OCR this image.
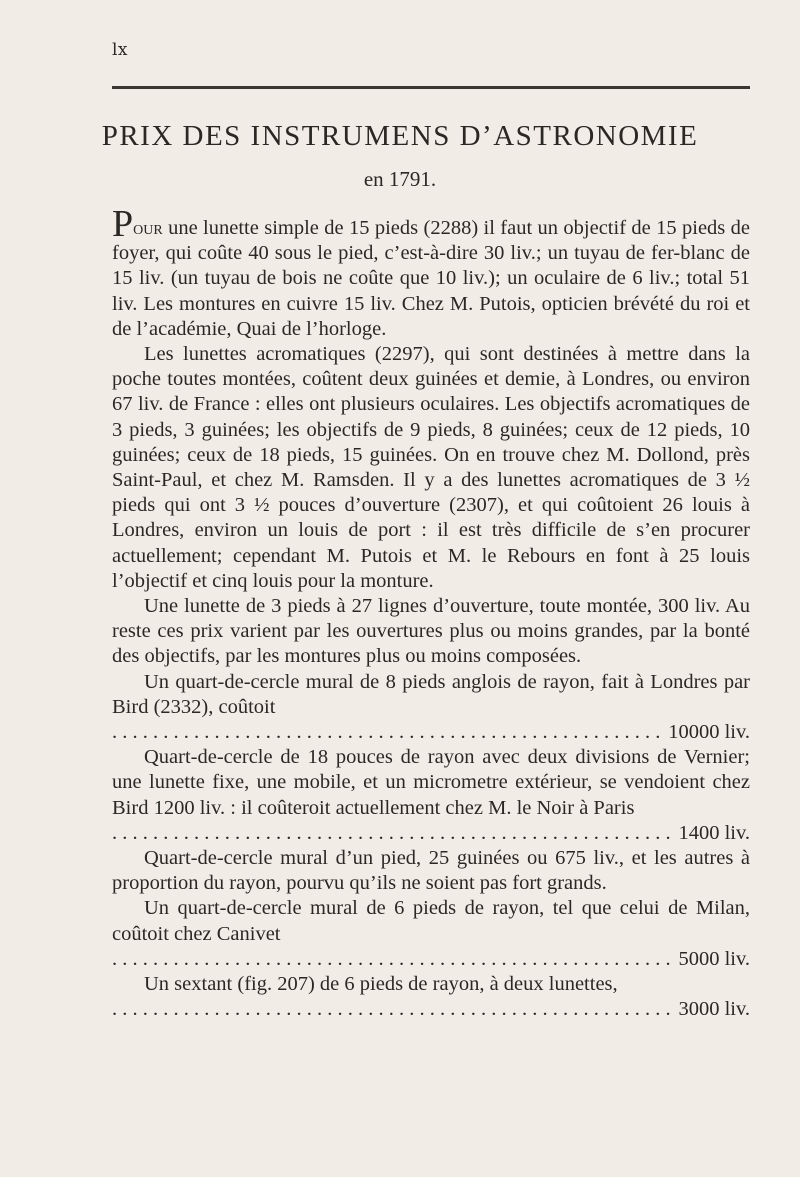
lx
PRIX DES INSTRUMENS D’ASTRONOMIE
en 1791.

Pour une lunette simple de 15 pieds (2288) il faut un objectif de 15 pieds de foyer, qui coûte 40 sous le pied, c’est-à-dire 30 liv.; un tuyau de fer-blanc de 15 liv. (un tuyau de bois ne coûte que 10 liv.); un oculaire de 6 liv.; total 51 liv. Les montures en cuivre 15 liv. Chez M. Putois, opticien brévété du roi et de l’académie, Quai de l’horloge.

Les lunettes acromatiques (2297), qui sont destinées à mettre dans la poche toutes montées, coûtent deux guinées et demie, à Londres, ou environ 67 liv. de France : elles ont plusieurs oculaires. Les objectifs acromatiques de 3 pieds, 3 guinées; les objectifs de 9 pieds, 8 guinées; ceux de 12 pieds, 10 guinées; ceux de 18 pieds, 15 guinées. On en trouve chez M. Dollond, près Saint-Paul, et chez M. Ramsden. Il y a des lunettes acromatiques de 3 ½ pieds qui ont 3 ½ pouces d’ouverture (2307), et qui coûtoient 26 louis à Londres, environ un louis de port : il est très difficile de s’en procurer actuellement; cependant M. Putois et M. le Rebours en font à 25 louis l’objectif et cinq louis pour la monture.

Une lunette de 3 pieds à 27 lignes d’ouverture, toute montée, 300 liv. Au reste ces prix varient par les ouvertures plus ou moins grandes, par la bonté des objectifs, par les montures plus ou moins composées.

Un quart-de-cercle mural de 8 pieds anglois de rayon, fait à Londres par Bird (2332), coûtoit

. . .
10000 liv.

Quart-de-cercle de 18 pouces de rayon avec deux divisions de Vernier; une lunette fixe, une mobile, et un micrometre extérieur, se vendoient chez Bird 1200 liv. : il coûteroit actuellement chez M. le Noir à Paris

. . .
1400 liv.

Quart-de-cercle mural d’un pied, 25 guinées ou 675 liv., et les autres à proportion du rayon, pourvu qu’ils ne soient pas fort grands.

Un quart-de-cercle mural de 6 pieds de rayon, tel que celui de Milan, coûtoit chez Canivet

. . .
5000 liv.

Un sextant (fig. 207) de 6 pieds de rayon, à deux lunettes,

. . .
3000 liv.
